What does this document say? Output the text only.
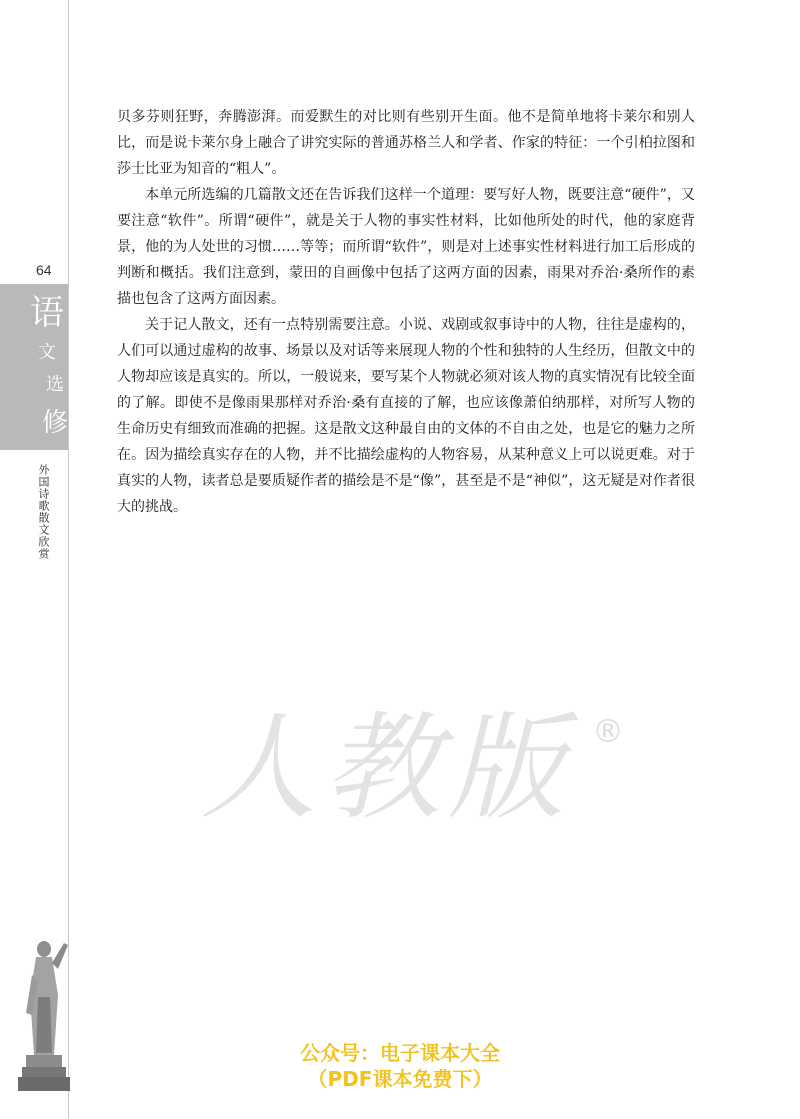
64
语
文
选
修
外国诗歌散文欣赏

贝多芬则狂野，奔腾澎湃。而爱默生的对比则有些别开生面。他不是简单地将卡莱尔和别人比，而是说卡莱尔身上融合了讲究实际的普通苏格兰人和学者、作家的特征：一个引柏拉图和莎士比亚为知音的“粗人”。

本单元所选编的几篇散文还在告诉我们这样一个道理：要写好人物，既要注意“硬件”，又要注意“软件”。所谓“硬件”，就是关于人物的事实性材料，比如他所处的时代，他的家庭背景，他的为人处世的习惯……等等；而所谓“软件”，则是对上述事实性材料进行加工后形成的判断和概括。我们注意到，蒙田的自画像中包括了这两方面的因素，雨果对乔治·桑所作的素描也包含了这两方面因素。

关于记人散文，还有一点特别需要注意。小说、戏剧或叙事诗中的人物，往往是虚构的，人们可以通过虚构的故事、场景以及对话等来展现人物的个性和独特的人生经历，但散文中的人物却应该是真实的。所以，一般说来，要写某个人物就必须对该人物的真实情况有比较全面的了解。即使不是像雨果那样对乔治·桑有直接的了解，也应该像萧伯纳那样，对所写人物的生命历史有细致而准确的把握。这是散文这种最自由的文体的不自由之处，也是它的魅力之所在。因为描绘真实存在的人物，并不比描绘虚构的人物容易，从某种意义上可以说更难。对于真实的人物，读者总是要质疑作者的描绘是不是“像”，甚至是不是“神似”，这无疑是对作者很大的挑战。

人教版 ®
公众号：电子课本大全
（PDF课本免费下）
